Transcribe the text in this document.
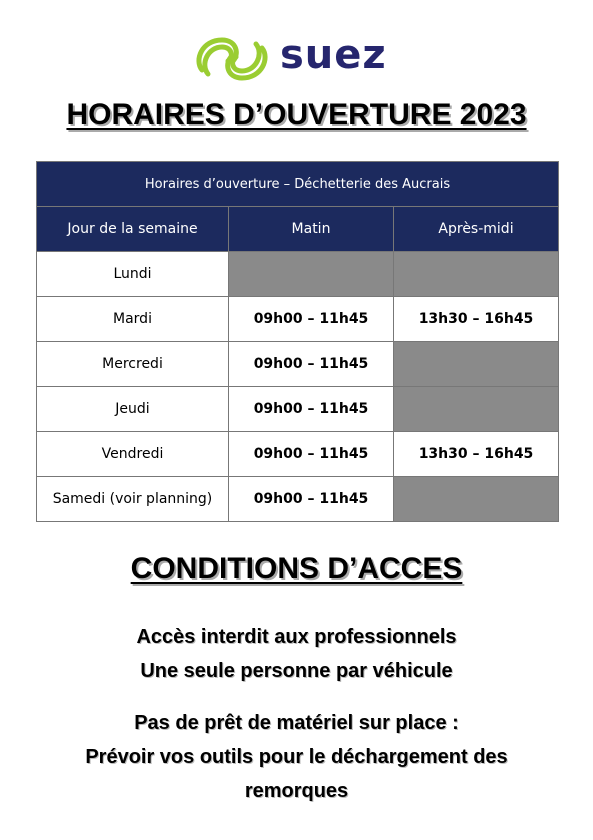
suez
HORAIRES D’OUVERTURE 2023
Horaires d’ouverture – Déchetterie des Aucrais		
Jour de la semaine	Matin	Après-midi
Lundi		
Mardi	09h00 – 11h45	13h30 – 16h45
Mercredi	09h00 – 11h45	
Jeudi	09h00 – 11h45	
Vendredi	09h00 – 11h45	13h30 – 16h45
Samedi (voir planning)	09h00 – 11h45	
CONDITIONS D’ACCES
Accès interdit aux professionnels
Une seule personne par véhicule
Pas de prêt de matériel sur place :
Prévoir vos outils pour le déchargement des
remorques
